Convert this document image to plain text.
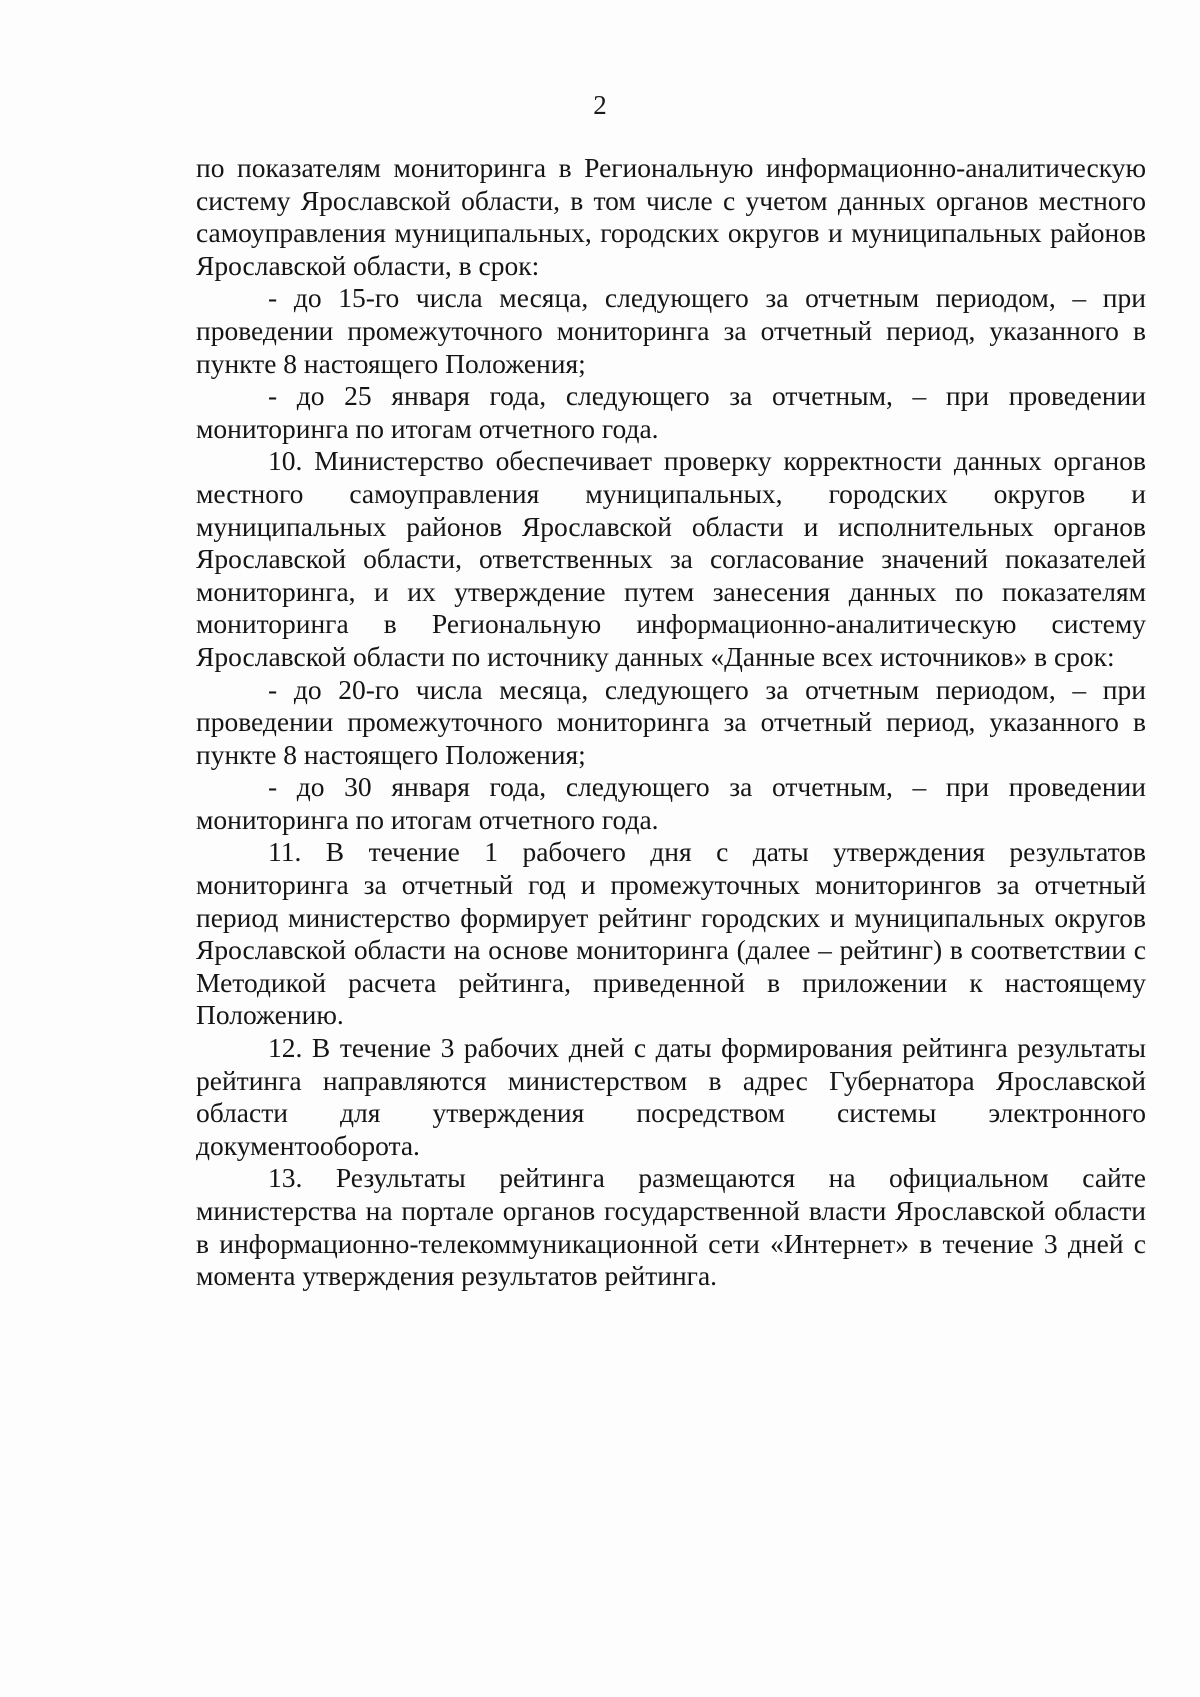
2

по показателям мониторинга в Региональную информационно-аналитическую систему Ярославской области, в том числе с учетом данных органов местного самоуправления муниципальных, городских округов и муниципальных районов Ярославской области, в срок:

- до 15-го числа месяца, следующего за отчетным периодом, – при проведении промежуточного мониторинга за отчетный период, указанного в пункте 8 настоящего Положения;

- до 25 января года, следующего за отчетным, – при проведении мониторинга по итогам отчетного года.

10. Министерство обеспечивает проверку корректности данных органов местного самоуправления муниципальных, городских округов и муниципальных районов Ярославской области и исполнительных органов Ярославской области, ответственных за согласование значений показателей мониторинга, и их утверждение путем занесения данных по показателям мониторинга в Региональную информационно-аналитическую систему Ярославской области по источнику данных «Данные всех источников» в срок:

- до 20-го числа месяца, следующего за отчетным периодом, – при проведении промежуточного мониторинга за отчетный период, указанного в пункте 8 настоящего Положения;

- до 30 января года, следующего за отчетным, – при проведении мониторинга по итогам отчетного года.

11. В течение 1 рабочего дня с даты утверждения результатов мониторинга за отчетный год и промежуточных мониторингов за отчетный период министерство формирует рейтинг городских и муниципальных округов Ярославской области на основе мониторинга (далее – рейтинг) в соответствии с Методикой расчета рейтинга, приведенной в приложении к настоящему Положению.

12. В течение 3 рабочих дней с даты формирования рейтинга результаты рейтинга направляются министерством в адрес Губернатора Ярославской области для утверждения посредством системы электронного документооборота.

13. Результаты рейтинга размещаются на официальном сайте министерства на портале органов государственной власти Ярославской области в информационно-телекоммуникационной сети «Интернет» в течение 3 дней с момента утверждения результатов рейтинга.
